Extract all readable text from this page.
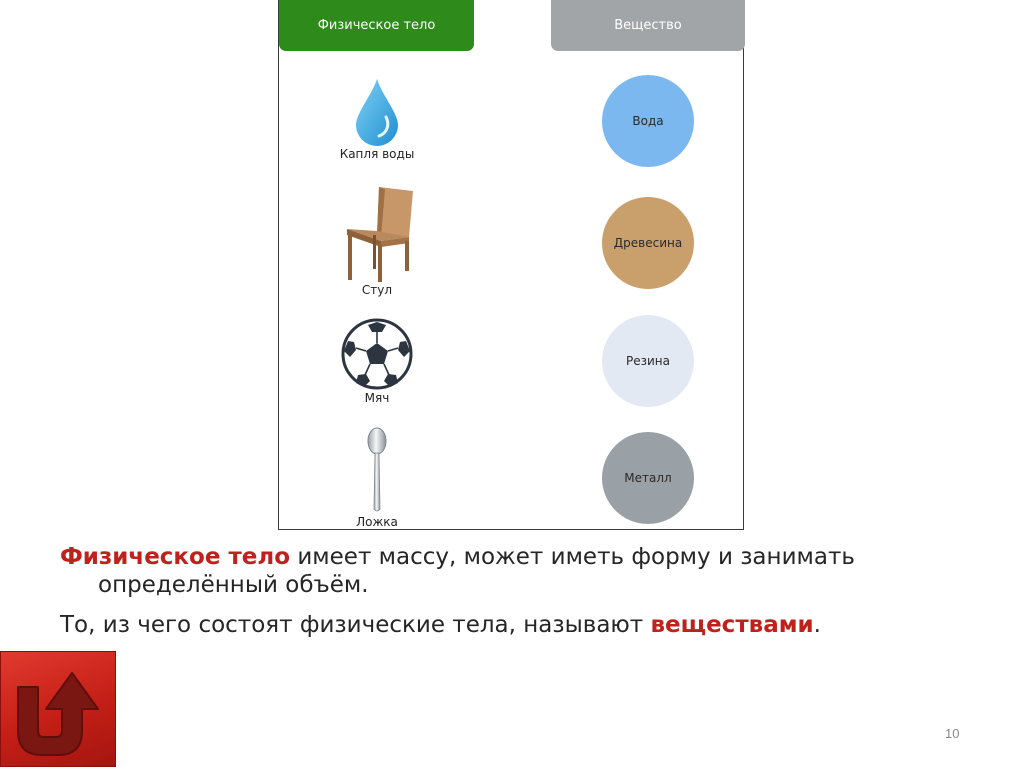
Физическое тело	Вещество
Капля воды
Стул
Мяч
Ложка
Вода
Древесина
Резина
Металл
Физическое тело имеет массу, может иметь форму и занимать
определённый объём.
То, из чего состоят физические тела, называют веществами.
10
